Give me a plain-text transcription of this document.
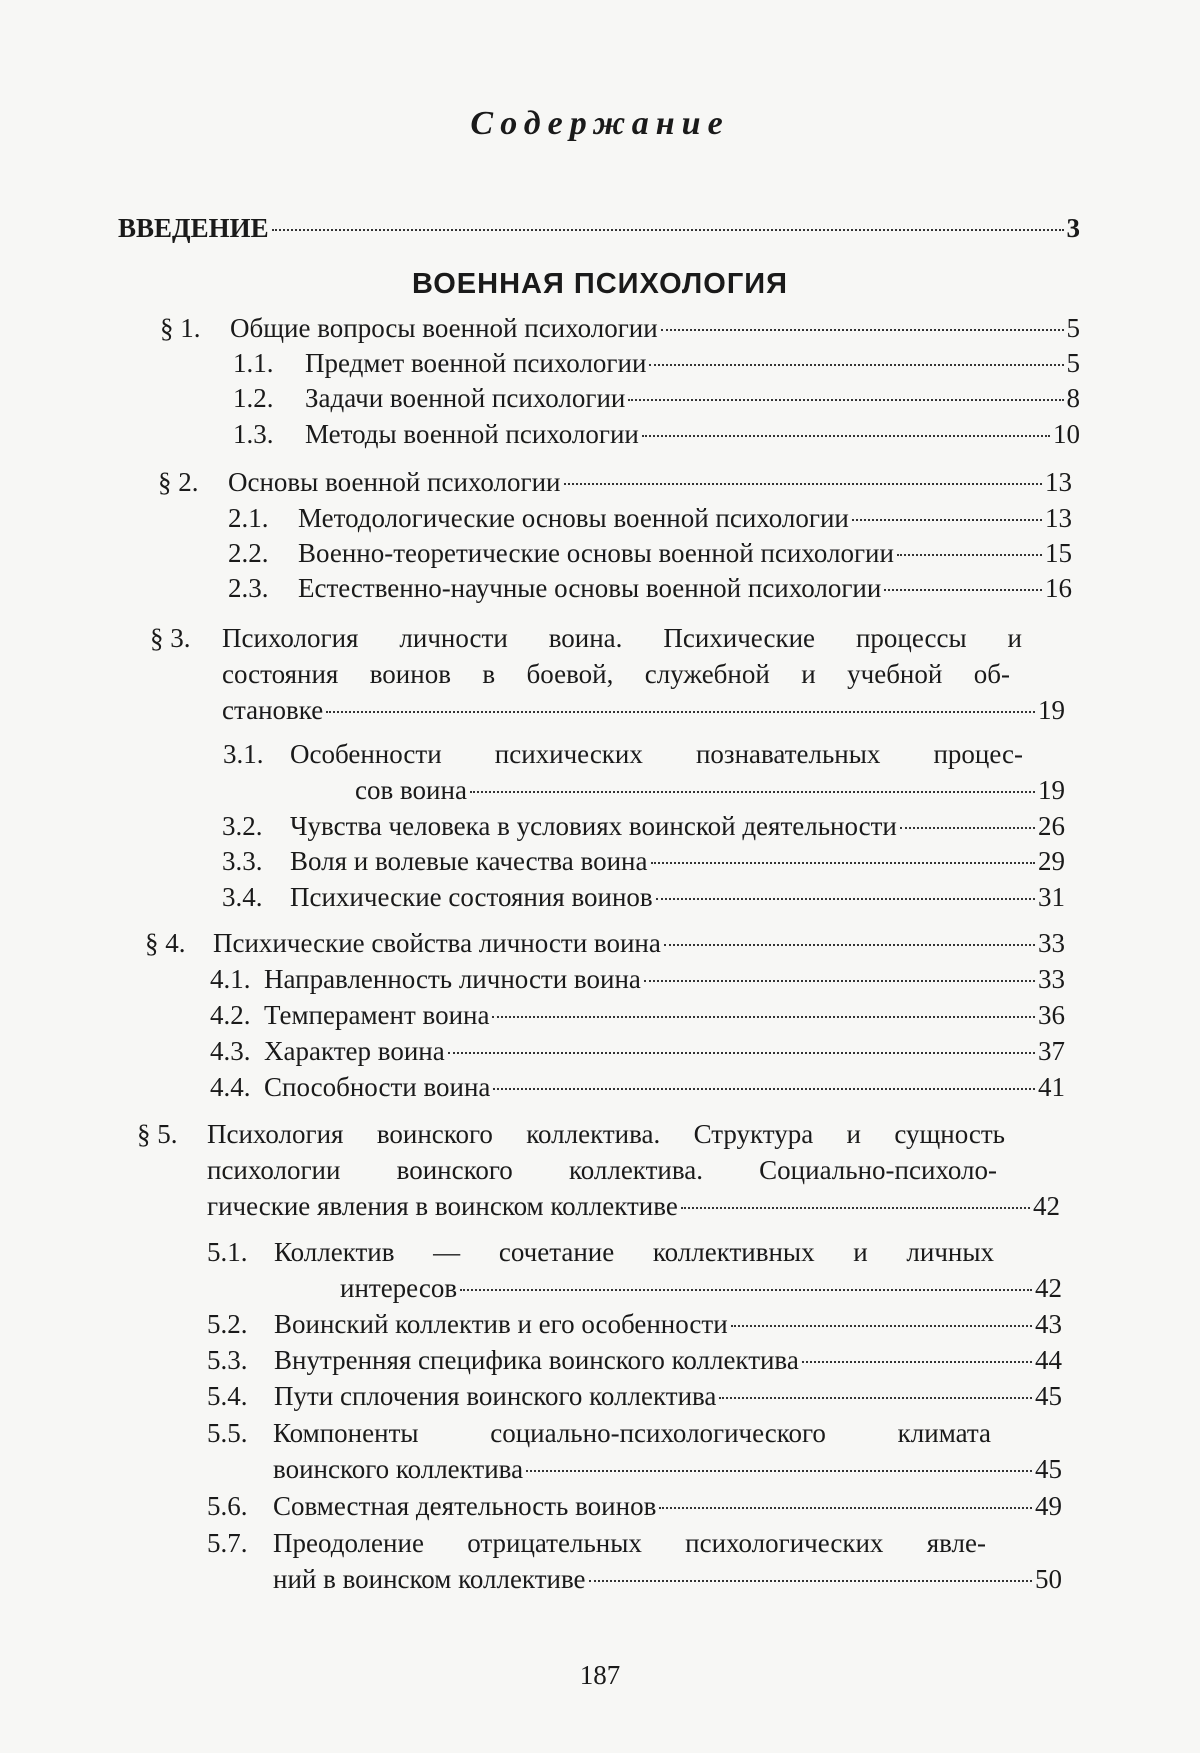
Содержание
ВВЕДЕНИЕ	3
ВОЕННАЯ ПСИХОЛОГИЯ
§ 1.	Общие вопросы военной психологии	5
1.1.	Предмет военной психологии	5
1.2.	Задачи военной психологии	8
1.3.	Методы военной психологии	10
§ 2.	Основы военной психологии	13
2.1.	Методологические основы военной психологии	13
2.2.	Военно-теоретические основы военной психологии	15
2.3.	Естественно-научные основы военной психологии	16
§ 3. Психология личности воина. Психические процессы и
состояния воинов в боевой, служебной и учебной об-
становке	19
3.1. Особенности психических познавательных процес-
сов воина	19
3.2.	Чувства человека в условиях воинской деятельности	26
3.3.	Воля и волевые качества воина	29
3.4.	Психические состояния воинов	31
§ 4.	Психические свойства личности воина	33
4.1. Направленность личности воина	33
4.2. Темперамент воина	36
4.3. Характер воина	37
4.4. Способности воина	41
§ 5. Психология воинского коллектива. Структура и сущность
психологии воинского коллектива. Социально-психоло-
гические явления в воинском коллективе	42
5.1. Коллектив — сочетание коллективных и личных
интересов	42
5.2. Воинский коллектив и его особенности	43
5.3. Внутренняя специфика воинского коллектива	44
5.4. Пути сплочения воинского коллектива	45
5.5. Компоненты социально-психологического климата
воинского коллектива	45
5.6. Совместная деятельность воинов	49
5.7. Преодоление отрицательных психологических явле-
ний в воинском коллективе	50
187
